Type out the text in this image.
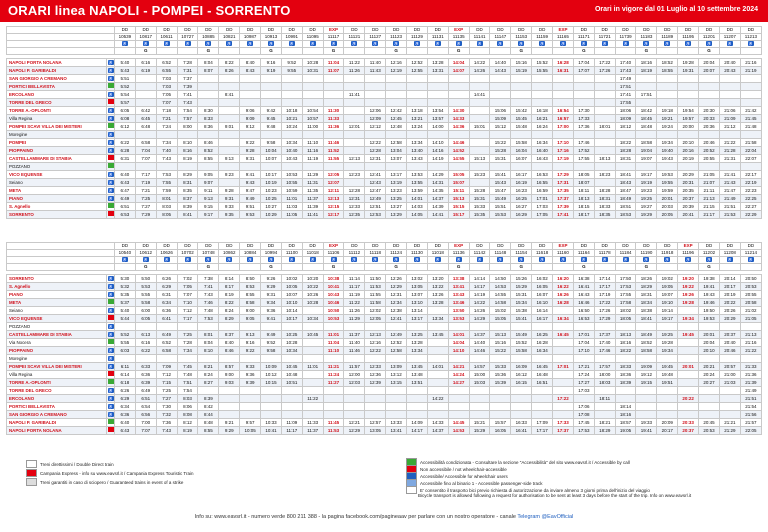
ORARI linea NAPOLI - POMPEI - SORRENTO	Orari in vigore dal 01 Luglio al 10 settembre 2024
		DD	DD	DD	DD	DD	DD	DD	DD	DD	DD	EXP	DD	DD	DD	DD	DD	EXP	DD	DD	DD	DD	EXP	DD	DD	DD	DD	DD	DD	DD	DD	DD
		10539	10817	10611	10727	10885	10821	10987	10913	10991	11095	11117	11121	11127	11123	11129	11131	11135	11141	11147	11153	11159	11165	11171	11721	11739	11183	11189	11195	11201	11207	11213
		♿	♿	♿	♿	♿	♿	♿	♿	♿	♿	♿	♿	♿	♿	♿	♿	♿	♿	♿	♿	♿	♿	♿	♿	♿	♿	♿	♿	♿	♿	♿
			G			G			G			G			G			G			G			G			G			G		

NAPOLI PORTA NOLANA	♿	5:40	6:16	6:52	7:28	8:04	8:22	8:40	9:16	9:52	10:28	11:04	11:22	11:40	12:16	12:52	13:28	14:04	14:22	14:40	15:16	15:52	16:28	17:04	17:22	17:40	18:16	18:52	19:28	20:04	20:40	21:16
NAPOLI P. GARIBALDI	♿	5:43	6:19	6:55	7:31	8:07	8:26	8:43	9:19	9:55	10:31	11:07	11:26	11:43	12:19	12:55	13:31	14:07	14:26	14:43	15:19	15:55	16:31	17:07	17:26	17:43	18:19	18:55	19:31	20:07	20:43	21:19
SAN GIORGIO A CREMANO	♿	5:51		7:03	7:37																					17:49						
PORTICI BELLAVISTA		5:52		7:03	7:39																					17:51						
ERCOLANO	♿	5:54		7:05	7:41		8:41						11:41						14:41							17:41	17:51					
TORRE DEL GRECO		5:57		7:07	7:43																					17:55						
TORRE A.-OPLONTI	♿	6:05	6:42	7:18	7:54	8:30		9:06	9:42	10:18	10:54	11:30		12:06	12:42	13:18	13:54	14:30		15:06	15:42	16:18	16:54	17:30		18:06	18:42	19:18	19:54	20:30	21:06	21:42
Villa Regina	♿	6:08	6:45	7:21	7:57	8:33		9:09	9:45	10:21	10:57	11:33		12:09	12:45	13:21	13:57	14:33		15:09	15:45	16:21	16:57	17:33		18:09	18:45	19:21	19:57	20:33	21:09	21:45
POMPEI SCAVI VILLA DEI MISTERI		6:12	6:48	7:24	8:00	8:36	9:01	9:12	9:48	10:24	11:00	11:36	12:01	12:12	12:48	13:24	14:00	14:36	15:01	15:12	15:48	16:24	17:00	17:36	18:01	18:12	18:48	19:24	20:00	20:36	21:12	21:48
Moregine	♿																															
POMPEI	♿	6:22	6:58	7:34	8:10	8:46		9:22	9:58	10:34	11:10	11:46		12:22	12:58	13:34	14:10	14:46		15:22	15:58	16:34	17:10	17:46		18:22	18:58	19:34	20:10	20:46	21:22	21:58
PIOPPAINO	♿	6:28	7:04	7:40	8:16	8:52		9:28	10:04	10:40	11:16	11:52		12:28	13:04	13:40	14:16	14:52		15:28	16:04	16:40	17:16	17:52		18:28	19:04	19:40	20:16	20:52	21:28	22:04
CASTELLAMMARE DI STABIA		6:31	7:07	7:43	8:19	8:55	9:13	9:31	10:07	10:43	11:19	11:55	12:13	12:31	13:07	13:43	14:19	14:55	15:13	15:31	16:07	16:43	17:19	17:55	18:13	18:31	19:07	19:43	20:19	20:55	21:31	22:07
POZZANO																																
VICO EQUENSE	♿	6:40	7:17	7:53	8:29	9:05	9:23	9:41	10:17	10:53	11:29	12:05	12:23	12:41	13:17	13:53	14:29	15:05	15:23	15:41	16:17	16:53	17:29	18:05	18:23	18:41	19:17	19:53	20:29	21:05	21:41	22:17
Seiano	♿	6:43	7:19	7:55	8:31	9:07		9:43	10:19	10:55	11:31	12:07		12:43	13:19	13:55	14:31	15:07		15:43	16:19	16:55	17:31	18:07		18:43	19:19	19:55	20:31	21:07	21:43	22:19
META	♿	6:47	7:21	7:59	8:35	9:11	9:28	9:47	10:23	10:59	11:35	12:11	12:28	12:47	13:23	13:59	14:35	15:11	15:28	15:47	16:23	16:59	17:35	18:11	18:28	18:47	19:23	19:59	20:35	21:11	21:47	22:23
PIANO	♿	6:49	7:25	8:01	8:37	9:13	9:31	9:49	10:25	11:01	11:37	12:13	12:31	12:49	13:25	14:01	14:37	15:13	15:31	15:49	16:25	17:01	17:37	18:13	18:31	18:49	19:25	20:01	20:37	21:13	21:49	22:25
S. Agnello		6:51	7:27	8:03	8:39	9:15	9:33	9:51	10:27	11:03	11:39	12:15	12:33	12:51	13:27	14:03	14:39	15:15	15:33	15:51	16:27	17:03	17:39	18:15	18:33	18:51	19:27	20:03	20:39	21:15	21:51	22:27
SORRENTO		6:53	7:29	8:05	8:41	9:17	9:35	9:53	10:29	11:05	11:41	12:17	12:35	12:53	13:29	14:05	14:41	15:17	15:35	15:53	16:29	17:05	17:41	18:17	18:35	18:53	19:29	20:05	20:41	21:17	21:53	22:29
		DD	DD	DD	DD	DD	DD	DD	DD	DD	DD	EXP	DD	DD	DD	DD	DD	EXP	DD	DD	DD	DD	EXP	DD	DD	DD	DD	DD	EXP	DD	DD	DD
		10540	10612	10626	10702	10748	10862	10884	10994	11100	11018	11106	11112	11118	11124	11130	11018	11136	11142	11148	11154	11618	11160	11164	11178	11184	11190	11918	11196	11202	11208	11214
		♿	♿	♿	♿	♿	♿	♿	♿	♿	♿	♿	♿	♿	♿	♿	♿	♿	♿	♿	♿	♿	♿	♿	♿	♿	♿	♿	♿	♿	♿	♿
			G			G			G			G			G			G			G			G			G			G		

SORRENTO	♿	5:30	5:50	6:26	7:02	7:38	8:14	8:50	9:26	10:02	10:20	10:38	11:14	11:50	12:26	13:02	13:20	13:38	14:14	14:50	15:26	16:02	16:20	16:38	17:14	17:50	18:26	19:02	19:20	19:38	20:14	20:50
S. Agnello	♿	5:32	5:53	6:29	7:05	7:41	8:17	8:53	9:29	10:05	10:22	10:41	11:17	11:53	12:29	13:05	13:22	13:41	14:17	14:53	15:29	16:05	16:22	16:41	17:17	17:53	18:29	19:05	19:22	19:41	20:17	20:53
PIANO	♿	5:35	5:55	6:31	7:07	7:43	8:19	8:55	9:31	10:07	10:26	10:43	11:19	11:55	12:31	13:07	13:26	13:43	14:19	14:55	15:31	16:07	16:26	16:43	17:19	17:55	18:31	19:07	19:26	19:43	20:19	20:55
META		5:37	5:58	6:34	7:10	7:46	8:22	8:58	9:34	10:10	10:28	10:46	11:22	11:58	12:34	13:10	13:28	13:46	14:22	14:58	15:34	16:10	16:28	16:46	17:22	17:58	18:34	19:10	19:28	19:46	20:22	20:58
Seiano	♿	5:40	6:00	6:36	7:12	7:48	8:24	9:00	9:36	10:14		10:50	11:26	12:02	12:38	13:14		13:50	14:26	15:02	15:38	16:14		16:50	17:26	18:02	18:38	19:14		19:50	20:26	21:02
VICO EQUENSE		5:44	6:05	6:41	7:17	7:53	8:29	9:05	9:41	10:17	10:34	10:53	11:29	12:05	12:41	13:17	13:34	13:53	14:29	15:05	15:41	16:17	16:34	16:53	17:29	18:05	18:41	19:17	19:34	19:53	20:29	21:05
POZZANO	♿																															
CASTELLAMMARE DI STABIA	♿	5:52	6:13	6:49	7:25	8:01	8:37	9:13	9:49	10:25	10:45	11:01	11:37	12:13	12:49	13:25	13:45	14:01	14:37	15:13	15:49	16:25	16:45	17:01	17:37	18:13	18:49	19:25	19:45	20:01	20:37	21:13
Via Nocera		5:55	6:16	6:52	7:28	8:04	8:40	9:16	9:52	10:28		11:04	11:40	12:16	12:52	13:28		14:04	14:40	15:16	15:52	16:28		17:04	17:40	18:16	18:52	19:28		20:04	20:40	21:16
PIOPPAINO	♿	6:03	6:22	6:58	7:34	8:10	8:46	9:22	9:58	10:34		11:10	11:46	12:22	12:58	13:34		14:10	14:46	15:22	15:58	16:34		17:10	17:46	18:22	18:58	19:34		20:10	20:46	21:22
Moregine	♿																															
POMPEI SCAVI VILLA DEI MISTERI	♿	6:11	6:33	7:09	7:45	8:21	8:57	9:33	10:09	10:45	11:01	11:21	11:57	12:33	13:09	13:45	14:01	14:21	14:57	15:33	16:09	16:45	17:01	17:21	17:57	18:33	19:09	19:45	20:01	20:21	20:57	21:33
Villa Regina		6:14	6:36	7:12	7:48	8:24	9:00	9:36	10:12	10:48		11:24	12:00	12:36	13:12	13:48		14:24	15:00	15:36	16:12	16:48		17:24	18:00	18:36	19:12	19:48		20:24	21:00	21:36
TORRE A.-OPLONTI		6:18	6:39	7:15	7:51	8:27	9:03	9:39	10:15	10:51		11:27	12:03	12:39	13:15	13:51		14:27	15:03	15:39	16:15	16:51		17:27	18:03	18:39	19:15	19:51		20:27	21:03	21:39
TORRE DEL GRECO	♿	6:26	6:49	7:25	7:54																			17:03								21:49
ERCOLANO	♿	6:29	6:51	7:27	8:03	8:39					11:22						14:22						17:22		18:11				20:22			21:51
PORTICI BELLAVISTA	♿	6:34	6:54	7:30	8:06	8:42																		17:06		18:14						21:54
SAN GIORGIO A CREMANO	♿	6:36	6:56	7:32	8:08	8:44																		17:08		18:16						21:56
NAPOLI P. GARIBALDI		6:40	7:00	7:36	8:12	8:48	9:21	9:57	10:33	11:09	11:33	11:45	12:21	12:57	13:33	14:09	14:33	14:45	15:21	15:57	16:33	17:09	17:33	17:45	18:21	18:57	19:33	20:09	20:33	20:45	21:21	21:57
NAPOLI PORTA NOLANA		6:43	7:07	7:43	8:19	8:55	9:29	10:05	10:41	11:17	11:37	11:53	12:29	13:05	13:41	14:17	14:37	14:53	15:29	16:05	16:41	17:17	17:37	17:53	18:29	19:05	19:41	20:17	20:37	20:53	21:29	22:05
Treni direttissimi / Double Direct train
Campania Express - info su www.eavsrl.it / Campania Express Touristic Train
Treni garantiti in caso di sciopero / Guaranteed trains in event of a strike
Accessibilità condizionata - Consultare la sezione "Accessibilità" del sito www.eavsrl.it / Accessible by call
Non accessibile / not wheelchair-accessible
Accessibile/ Accessible for wheelchair users
Accessibile fino al binario 1 - Accessible passenger-side track
E' consentito il trasporto bici previo richiesta di autorizzazione da inviare almeno 3 giorni prima dell'inizio del viaggio
Bicycle transport is allowed following a request for authorisation to be sent at least 3 days before the start of the trip. Info on www.eavsrl.it
Info su: www.eavsrl.it - numero verde 800 211 388 - la pagina facebook.com/pagineaav per parlare con un nostro operatore - canale Telegram @EavOfficial
